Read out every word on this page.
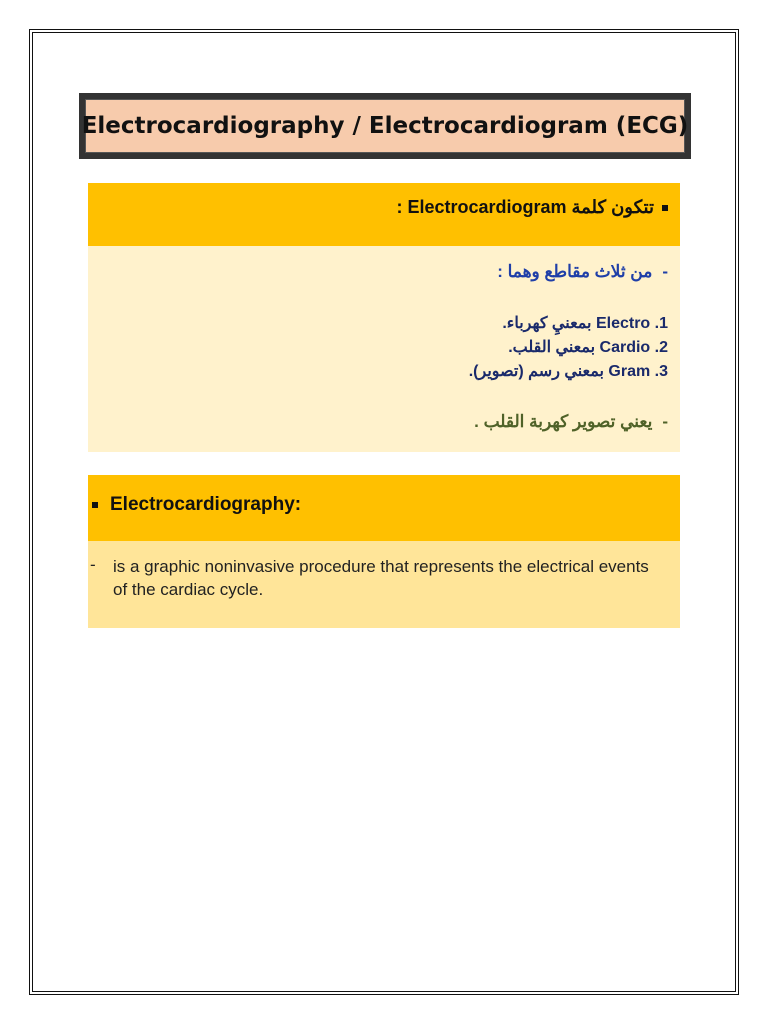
Electrocardiography / Electrocardiogram (ECG)
تتكون كلمة Electrocardiogram :
-من ثلاث مقاطع وهما :
1. Electro بمعنيِ كهرباء.
2. Cardio بمعني القلب.
3. Gram بمعني رسم (تصوير).
-يعني تصوير كهربة القلب .
Electrocardiography:
- is a graphic noninvasive procedure that represents the electrical events of the cardiac cycle.
